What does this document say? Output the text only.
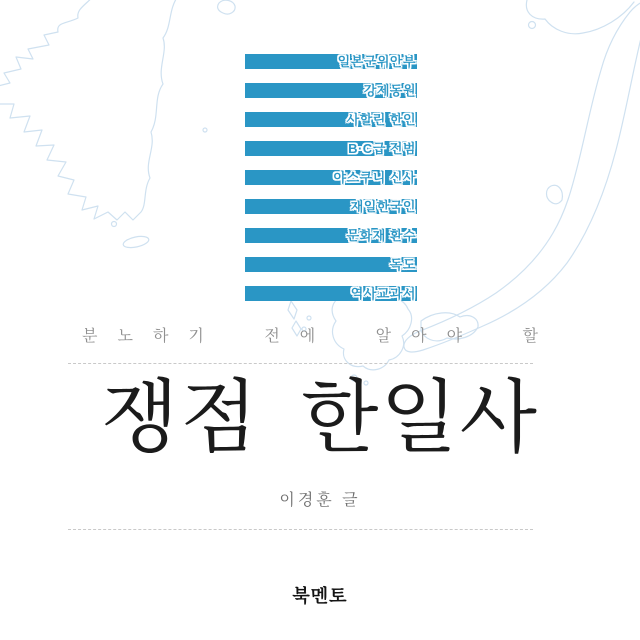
일본군위안부
강제동원
사할린 한인
B·C급 전범
야스쿠니 신사
재일한국인
문화재 환수
독도
역사교과서
분노하기 전에 알아야 할
쟁점 한일사
이경훈 글
북멘토
